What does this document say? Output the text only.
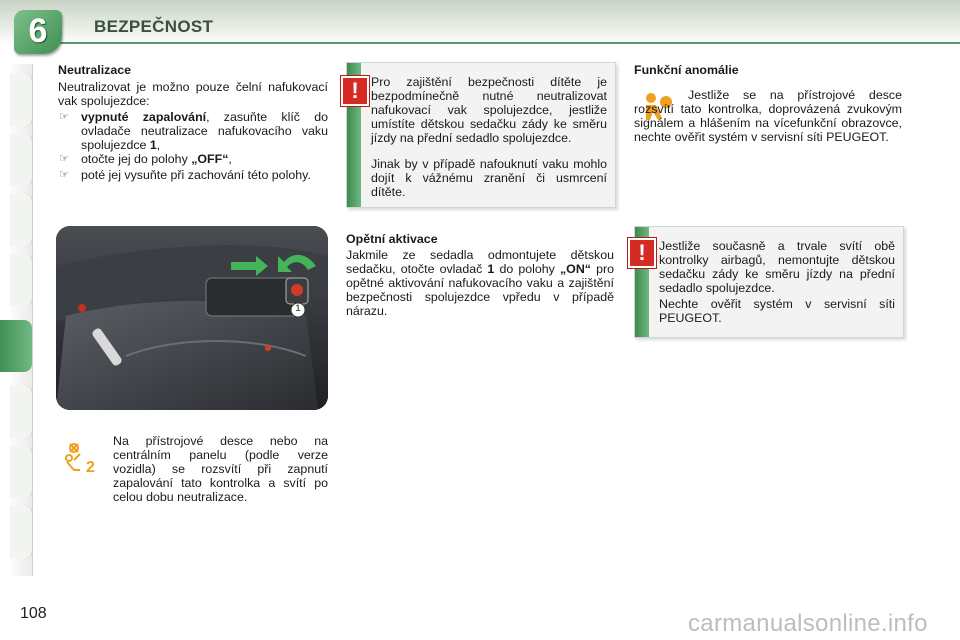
6	BEZPEČNOST
Neutralizace
Neutralizovat je možno pouze čelní nafukovací vak spolujezdce:
☞ vypnuté zapalování, zasuňte klíč do ovladače neutralizace nafukovacího vaku spolujezdce 1,
☞ otočte jej do polohy „OFF“,
☞ poté jej vysuňte při zachování této polohy.
1
2
Na přístrojové desce nebo na centrálním panelu (podle verze vozidla) se rozsvítí při zapnutí zapalování tato kontrolka a svítí po celou dobu neutralizace.
Pro zajištění bezpečnosti dítěte je bezpodmínečně nutné neutralizovat nafukovací vak spolujezdce, jestliže umístíte dětskou sedačku zády ke směru jízdy na přední sedadlo spolujezdce.
Jinak by v případě nafouknutí vaku mohlo dojít k vážnému zranění či usmrcení dítěte.
!
Opětní aktivace
Jakmile ze sedadla odmontujete dětskou sedačku, otočte ovladač 1 do polohy „ON“ pro opětné aktivování nafukovacího vaku a zajištění bezpečnosti spolujezdce vpředu v případě nárazu.
Funkční anomálie
Jestliže se na přístrojové desce rozsvítí tato kontrolka, doprovázená zvukovým signálem a hlášením na vícefunkční obrazovce, nechte ověřit systém v servisní síti PEUGEOT.
Jestliže současně a trvale svítí obě kontrolky airbagů, nemontujte dětskou sedačku zády ke směru jízdy na přední sedadlo spolujezdce.
Nechte ověřit systém v servisní síti PEUGEOT.
!
108	carmanualsonline.info
